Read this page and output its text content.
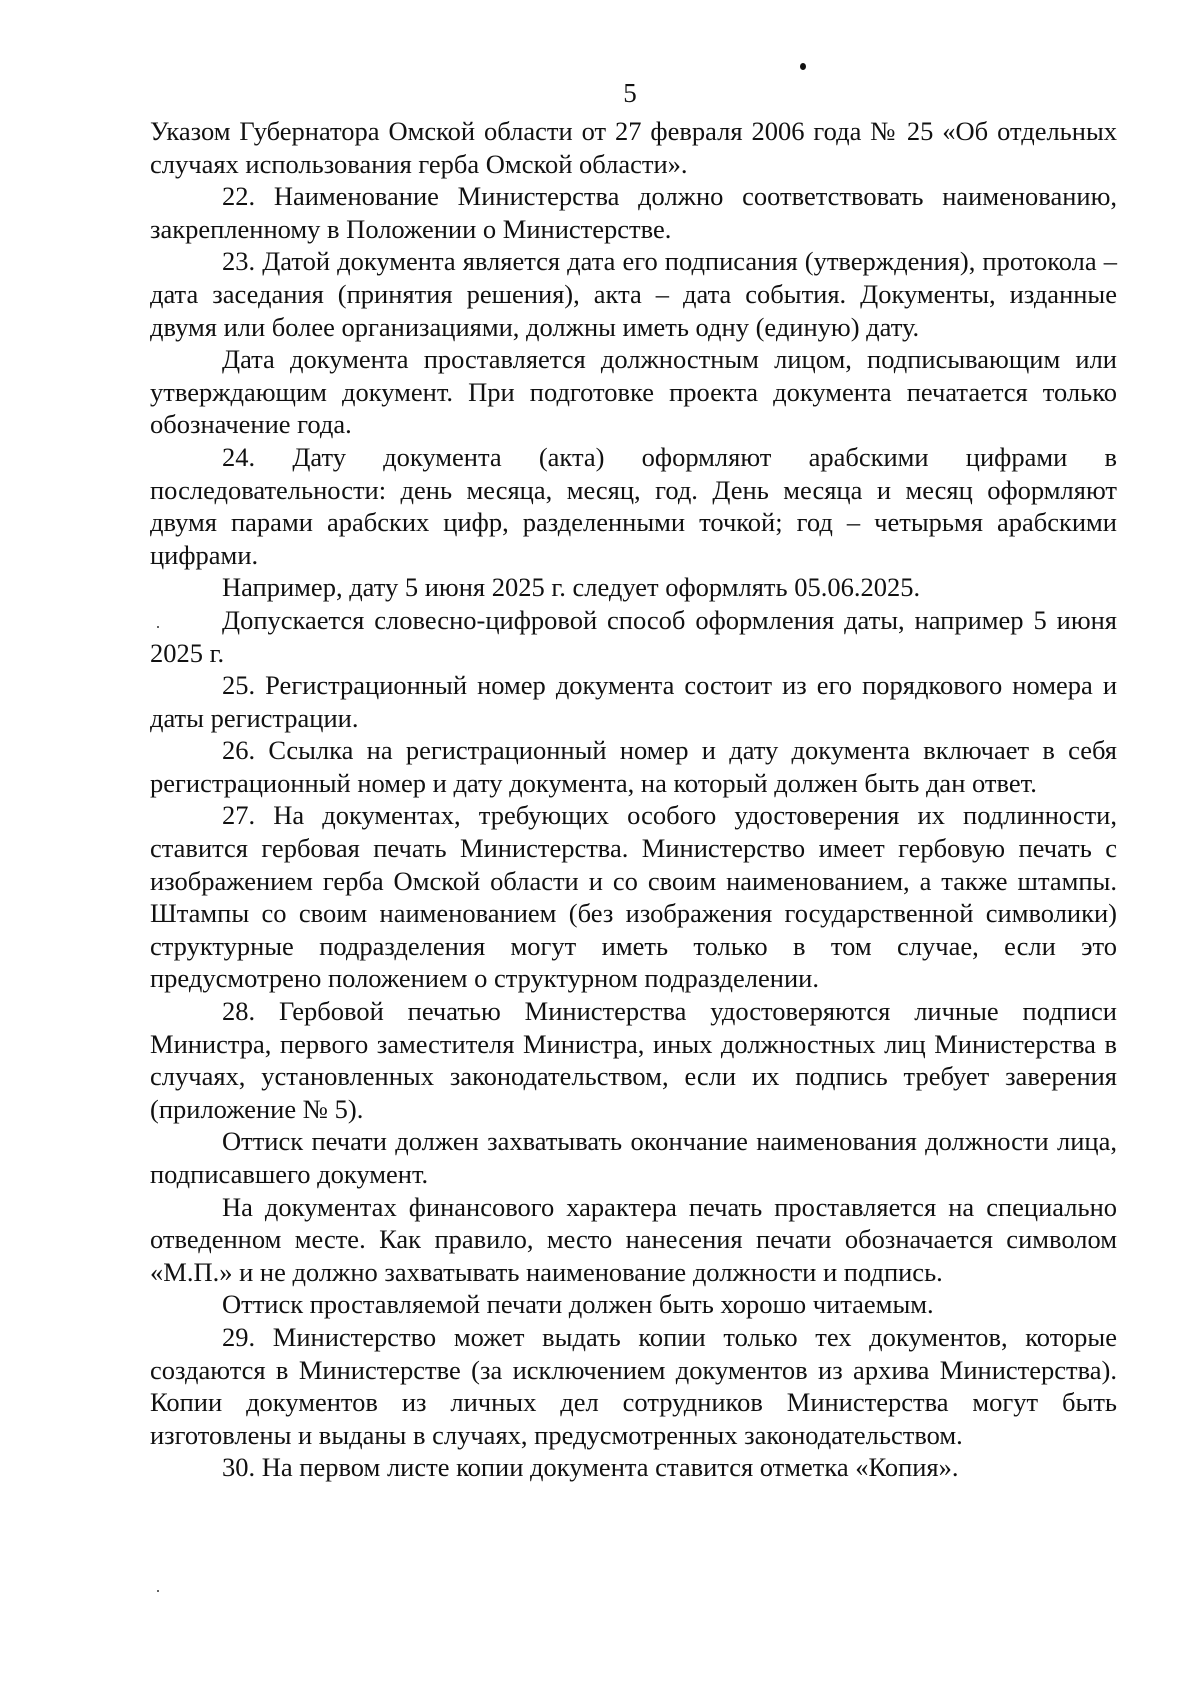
5

Указом Губернатора Омской области от 27 февраля 2006 года № 25 «Об отдельных случаях использования герба Омской области».

22. Наименование Министерства должно соответствовать наименованию, закрепленному в Положении о Министерстве.

23. Датой документа является дата его подписания (утверждения), протокола – дата заседания (принятия решения), акта – дата события. Документы, изданные двумя или более организациями, должны иметь одну (единую) дату.

Дата документа проставляется должностным лицом, подписывающим или утверждающим документ. При подготовке проекта документа печатается только обозначение года.

24. Дату документа (акта) оформляют арабскими цифрами в последовательности: день месяца, месяц, год. День месяца и месяц оформляют двумя парами арабских цифр, разделенными точкой; год – четырьмя арабскими цифрами.

Например, дату 5 июня 2025 г. следует оформлять 05.06.2025.

Допускается словесно-цифровой способ оформления даты, например 5 июня 2025 г.

25. Регистрационный номер документа состоит из его порядкового номера и даты регистрации.

26. Ссылка на регистрационный номер и дату документа включает в себя регистрационный номер и дату документа, на который должен быть дан ответ.

27. На документах, требующих особого удостоверения их подлинности, ставится гербовая печать Министерства. Министерство имеет гербовую печать с изображением герба Омской области и со своим наименованием, а также штампы. Штампы со своим наименованием (без изображения государственной символики) структурные подразделения могут иметь только в том случае, если это предусмотрено положением о структурном подразделении.

28. Гербовой печатью Министерства удостоверяются личные подписи Министра, первого заместителя Министра, иных должностных лиц Министерства в случаях, установленных законодательством, если их подпись требует заверения (приложение № 5).

Оттиск печати должен захватывать окончание наименования должности лица, подписавшего документ.

На документах финансового характера печать проставляется на специально отведенном месте. Как правило, место нанесения печати обозначается символом «М.П.» и не должно захватывать наименование должности и подпись.

Оттиск проставляемой печати должен быть хорошо читаемым.

29. Министерство может выдать копии только тех документов, которые создаются в Министерстве (за исключением документов из архива Министерства). Копии документов из личных дел сотрудников Министерства могут быть изготовлены и выданы в случаях, предусмотренных законодательством.

30. На первом листе копии документа ставится отметка «Копия».
